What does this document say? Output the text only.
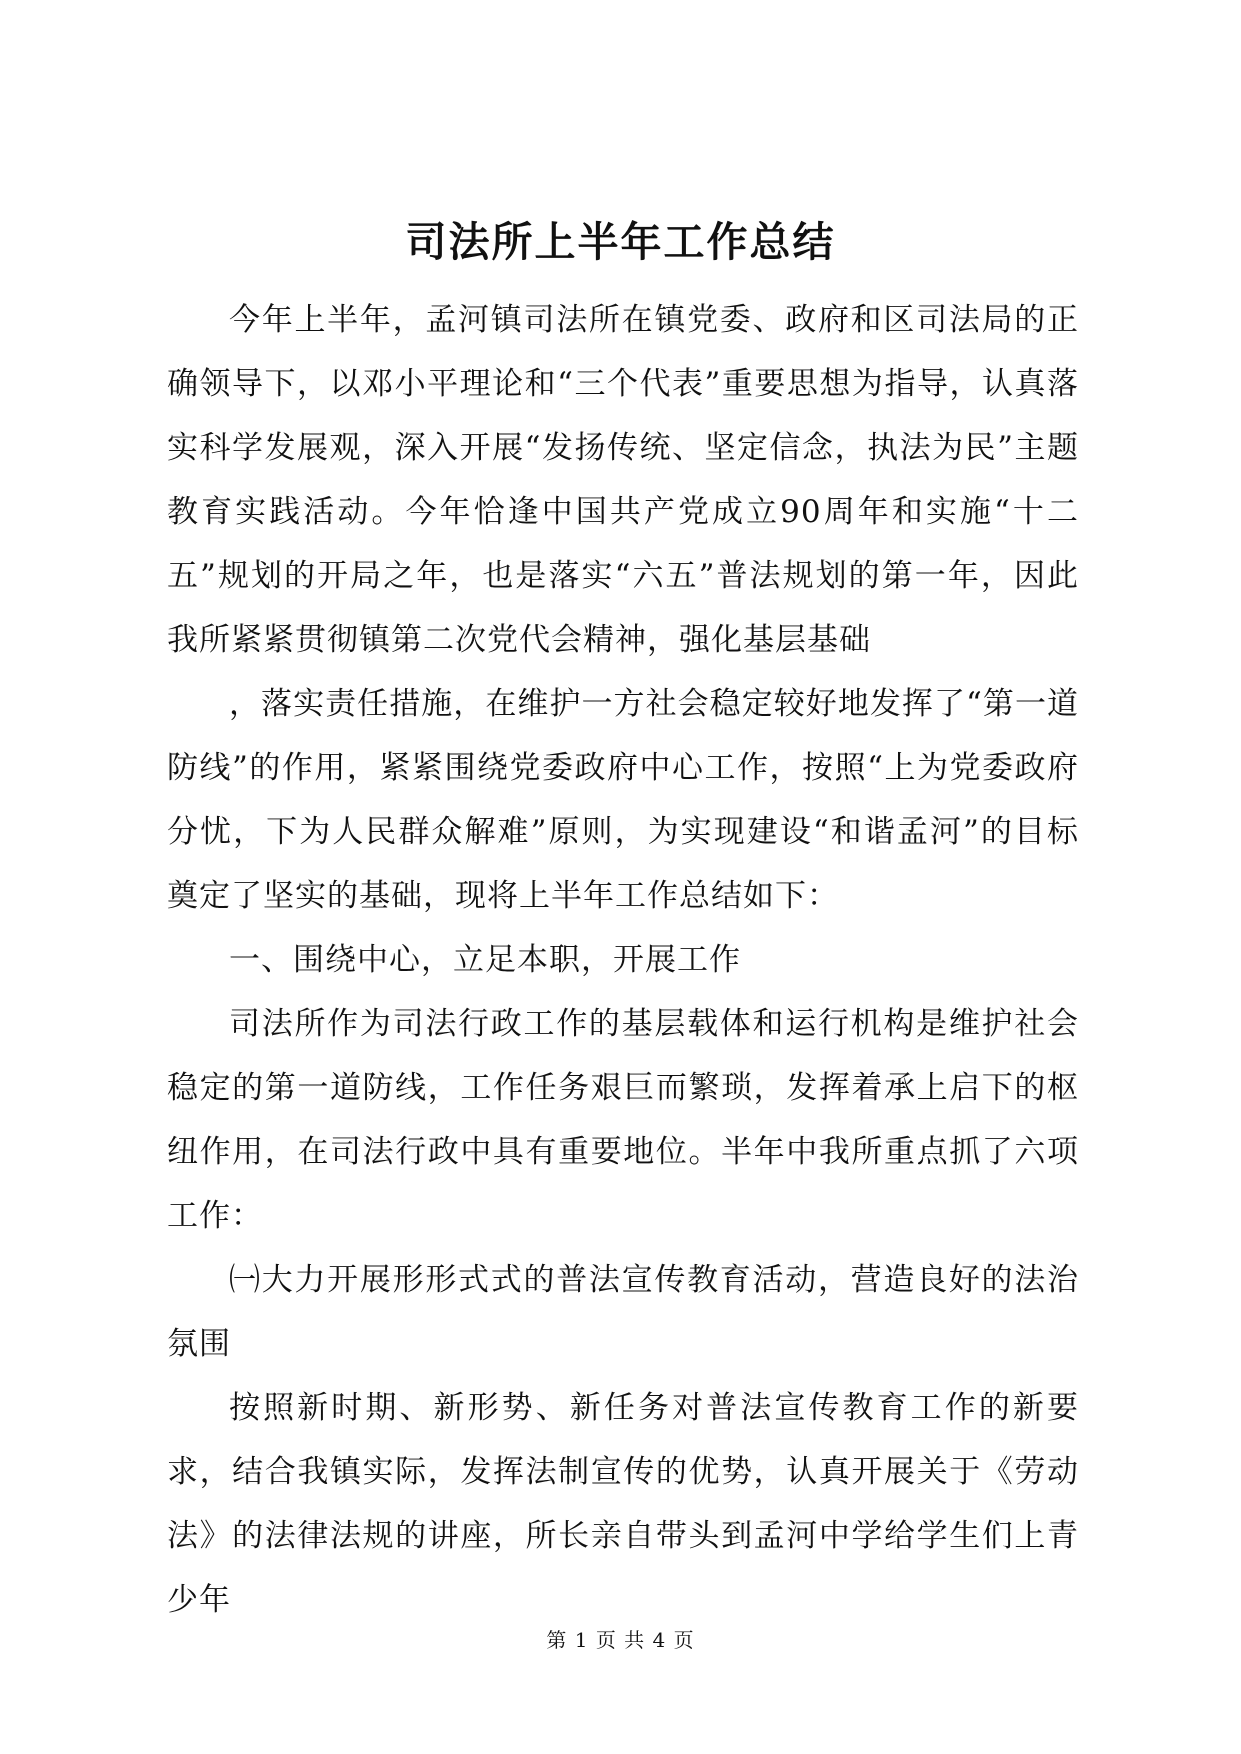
司法所上半年工作总结

今年上半年，孟河镇司法所在镇党委、政府和区司法局的正确领导下，以邓小平理论和“三个代表”重要思想为指导，认真落实科学发展观，深入开展“发扬传统、坚定信念，执法为民”主题教育实践活动。今年恰逢中国共产党成立90周年和实施“十二五”规划的开局之年，也是落实“六五”普法规划的第一年，因此我所紧紧贯彻镇第二次党代会精神，强化基层基础

，落实责任措施，在维护一方社会稳定较好地发挥了“第一道防线”的作用，紧紧围绕党委政府中心工作，按照“上为党委政府分忧，下为人民群众解难”原则，为实现建设“和谐孟河”的目标奠定了坚实的基础，现将上半年工作总结如下：

一、围绕中心，立足本职，开展工作

司法所作为司法行政工作的基层载体和运行机构是维护社会稳定的第一道防线，工作任务艰巨而繁琐，发挥着承上启下的枢纽作用，在司法行政中具有重要地位。半年中我所重点抓了六项工作：

㈠大力开展形形式式的普法宣传教育活动，营造良好的法治氛围

按照新时期、新形势、新任务对普法宣传教育工作的新要求，结合我镇实际，发挥法制宣传的优势，认真开展关于《劳动法》的法律法规的讲座，所长亲自带头到孟河中学给学生们上青少年

第 1 页 共 4 页
